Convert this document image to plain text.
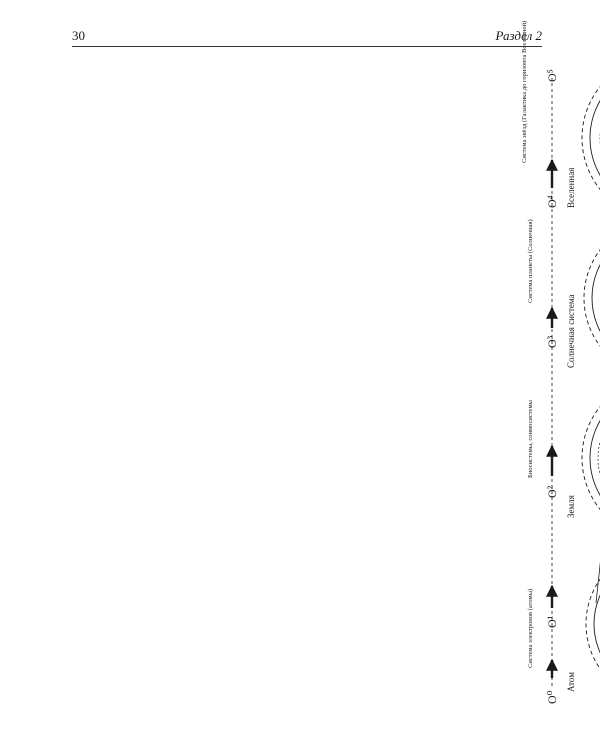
30	Раздел 2
Система электронов (атомы)
Биосистемы, сонмосистемы
Система планеты (Солнечная)
Система звёзд (Галактика до горизонта Вселенной)
O⁰
O¹
O²
O³
O⁴
O⁵
Атом
Земля
Солнечная система
Вселенная
